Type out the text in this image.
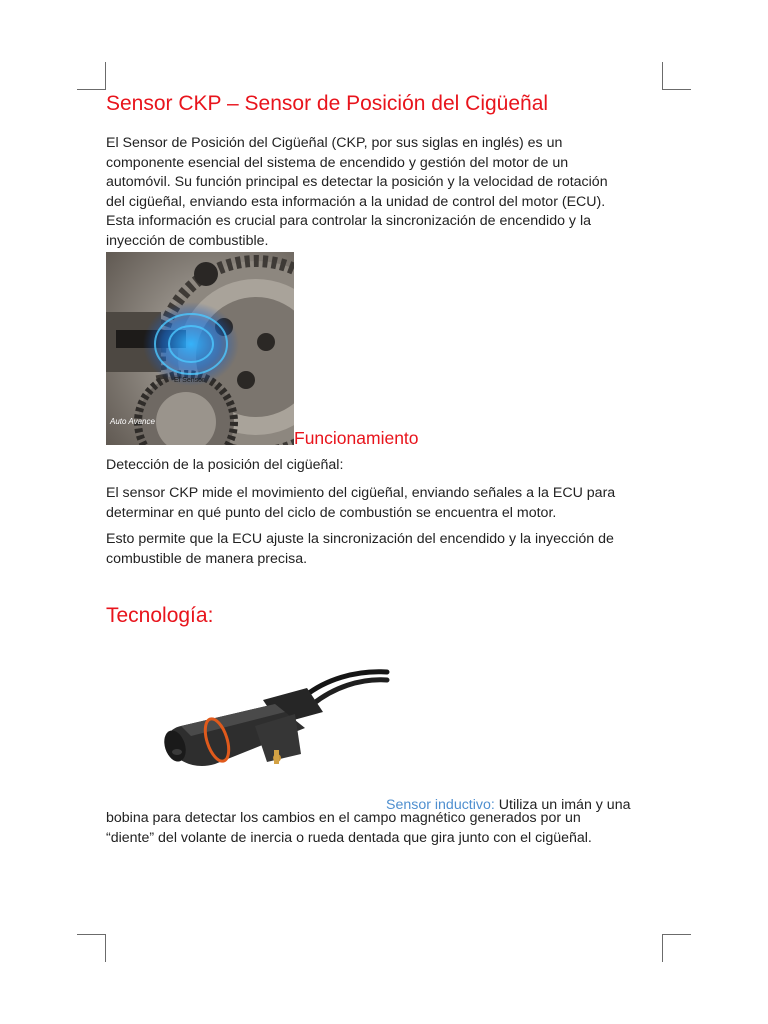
Sensor CKP – Sensor de Posición del Cigüeñal
El Sensor de Posición del Cigüeñal (CKP, por sus siglas en inglés) es un
componente esencial del sistema de encendido y gestión del motor de un
automóvil. Su función principal es detectar la posición y la velocidad de rotación
del cigüeñal, enviando esta información a la unidad de control del motor (ECU).
Esta información es crucial para controlar la sincronización de encendido y la
inyección de combustible.
El Sensor
Auto Avance
Funcionamiento
Detección de la posición del cigüeñal:
El sensor CKP mide el movimiento del cigüeñal, enviando señales a la ECU para
determinar en qué punto del ciclo de combustión se encuentra el motor.
Esto permite que la ECU ajuste la sincronización del encendido y la inyección de
combustible de manera precisa.
Tecnología:
Sensor inductivo: Utiliza un imán y una
bobina para detectar los cambios en el campo magnético generados por un
“diente” del volante de inercia o rueda dentada que gira junto con el cigüeñal.
